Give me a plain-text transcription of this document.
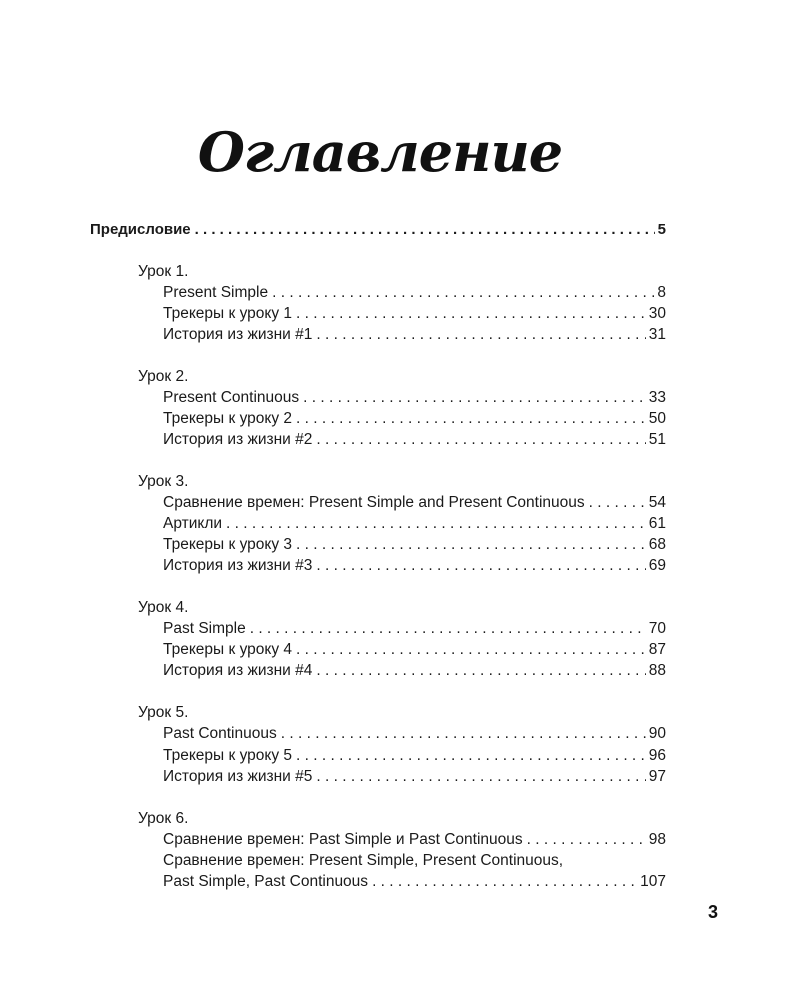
Оглавление
Предисловие . . .	5
Урок 1.
Present Simple . . .	8
Трекеры к уроку 1 . . .	30
История из жизни #1 . . .	31
Урок 2.
Present Continuous . . .	33
Трекеры к уроку 2 . . .	50
История из жизни #2 . . .	51
Урок 3.
Сравнение времен: Present Simple and Present Continuous . . .	54
Артикли . . .	61
Трекеры к уроку 3 . . .	68
История из жизни #3 . . .	69
Урок 4.
Past Simple . . .	70
Трекеры к уроку 4 . . .	87
История из жизни #4 . . .	88
Урок 5.
Past Continuous . . .	90
Трекеры к уроку 5 . . .	96
История из жизни #5 . . .	97
Урок 6.
Сравнение времен: Past Simple и Past Continuous . . .	98
Сравнение времен: Present Simple, Present Continuous,
Past Simple, Past Continuous . . .	107
3
